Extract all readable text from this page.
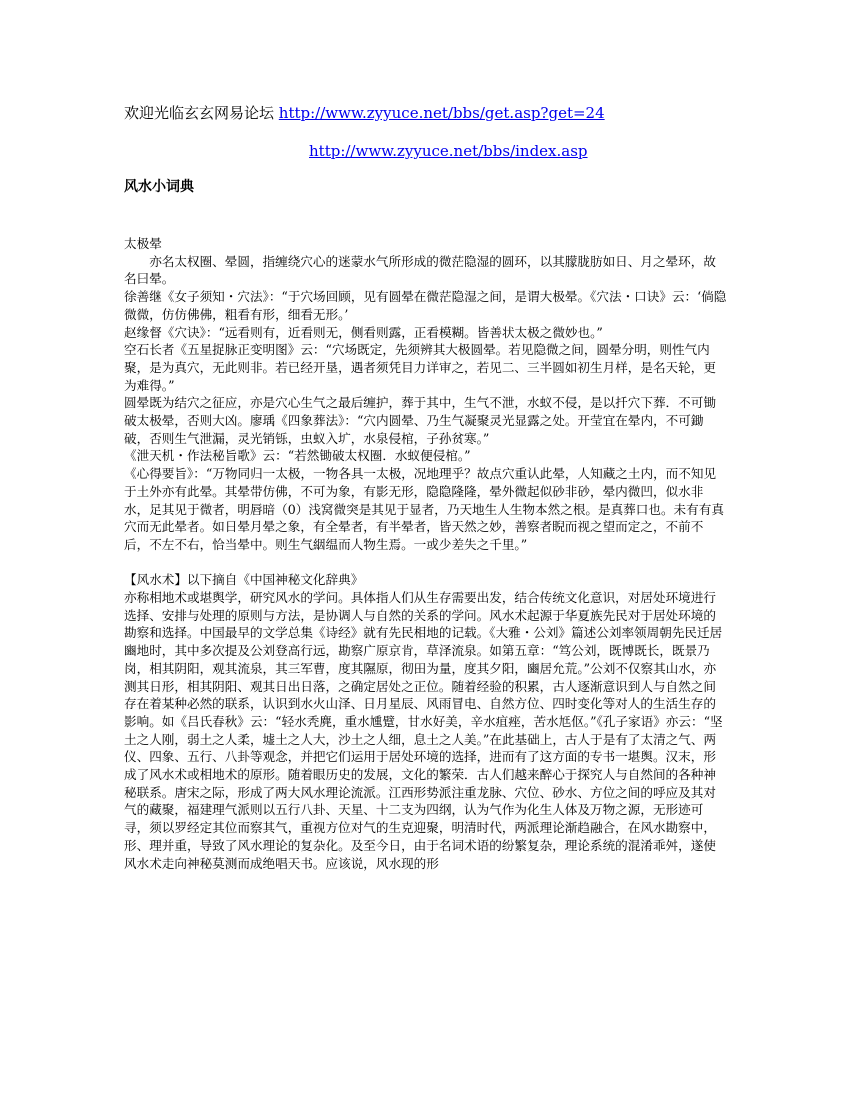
欢迎光临玄玄网易论坛 http://www.zyyuce.net/bbs/get.asp?get=24
http://www.zyyuce.net/bbs/index.asp
风水小词典

太极晕

亦名太权圈、晕圆，指缠绕穴心的迷蒙水气所形成的微茫隐湿的圆环，以其朦胧肪如日、月之晕环，故名曰晕。

徐善继《女子须知・穴法》：“于穴场回顾，见有圆晕在微茫隐湿之间，是谓大极晕。《穴法・口诀》云：‘倘隐微微，仿仿佛佛，粗看有形，细看无形。’

赵缘督《穴诀》：“远看则有，近看则无，侧看则露，正看模糊。皆善状太极之微妙也。”

空石长者《五星捉脉正变明图》云：“穴场既定，先须辨其大极圆晕。若见隐微之间，圆晕分明，则性气内聚，是为真穴，无此则非。若已经开垦，遇者须凭目力详审之，若见二、三半圆如初生月样，是名天轮，更为难得。”

圆晕既为结穴之征应，亦是穴心生气之最后缠护，葬于其中，生气不泄，水蚁不侵，是以扦穴下葬．不可锄破太极晕，否则大凶。廖瑀《四象葬法》：“穴内圆晕、乃生气凝聚灵光显露之处。开莹宜在晕内，不可鋤破，否则生气泄漏，灵光销铄，虫蚁入圹，水泉侵棺，子孙贫寒。”

《泄天机・作法秘旨歌》云：“若然锄破太权圈．水蚁便侵棺。”

《心得要旨》：“万物同归一太极，一物各具一太极，况地理乎？故点穴重认此晕，人知藏之土内，而不知见于土外亦有此晕。其晕带仿佛，不可为象，有影无形，隐隐隆隆，晕外微起似砂非砂，晕内微凹，似水非水，足其见于微者，明唇暗（0）浅窝微突是其见于显者，乃天地生人生物本然之根。是真葬口也。未有有真穴而无此晕者。如日晕月晕之象，有全晕者，有半晕者，皆天然之妙，善察者睨而视之望而定之，不前不后，不左不右，恰当晕中。则生气絪缊而人物生焉。一或少差失之千里。”

【风水术】以下摘自《中国神秘文化辞典》

亦称相地术或堪舆学，研究风水的学问。具体指人们从生存需要出发，结合传统文化意识，对居处环境进行选择、安排与处理的原则与方法，是协调人与自然的关系的学问。风水术起源于华夏族先民对于居处环境的勘察和选择。中国最早的文学总集《诗经》就有先民相地的记载。《大雅・公刘》篇述公刘率领周朝先民迁居豳地时，其中多次提及公刘登高行远，勘察广原京肯，草泽流泉。如第五章：“笃公刘，既博既长，既景乃岗，相其阴阳，观其流泉，其三军曹，度其隰原，彻田为量，度其夕阳，豳居允荒。”公刘不仅察其山水，亦测其日形，相其阴阳、观其日出日落，之确定居处之正位。随着经验的积累，古人逐渐意识到人与自然之间存在着某种必然的联系，认识到水火山泽、日月星辰、风雨冒电、自然方位、四时变化等对人的生活生存的影响。如《吕氏春秋》云：“轻水秃麂，重水尰躄，甘水好美，辛水疽痤，苦水尪伛。”《孔子家语》亦云：“坚土之人刚，弱土之人柔，墟土之人大，沙土之人细，息土之人美。”在此基础上，古人于是有了太清之气、两仪、四象、五行、八卦等观念，并把它们运用于居处环境的选择，进而有了这方面的专书一堪舆。汉末，形成了风水术或相地术的原形。随着眼历史的发展，文化的繁荣．古人们越来醉心于探究人与自然间的各种神秘联系。唐宋之际，形成了两大风水理论流派。江西形势派注重龙脉、穴位、砂水、方位之间的呼应及其对气的藏聚，福建理气派则以五行八卦、天星、十二支为四纲，认为气作为化生人体及万物之源，无形迹可寻，须以罗经定其位而察其气，重视方位对气的生克迎聚，明清时代，两派理论渐趋融合，在风水勘察中，形、理并重，导致了风水理论的复杂化。及至今日，由于名词术语的纷繁复杂，理论系统的混淆乖舛，遂使风水术走向神秘莫测而成绝唱天书。应该说，风水现的形
